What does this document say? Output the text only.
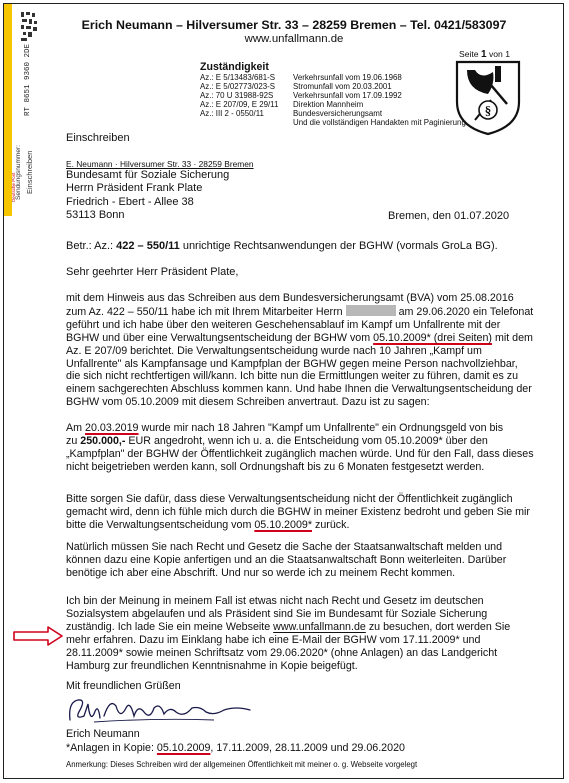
RT 8651 9360 2DE
Sendungsnummer: Einschreiben
Deutsche Post
Erich Neumann – Hilversumer Str. 33 – 28259 Bremen – Tel. 0421/583097
www.unfallmann.de
Seite 1 von 1
§
Zuständigkeit
Az.: E 5/13483/681-S Verkehrsunfall vom 19.06.1968
Az.: E 5/02773/023-S Stromunfall vom 20.03.2001
Az.: 70 U 31988-92S Verkehrsunfall vom 17.09.1992
Az.: E 207/09, E 29/11 Direktion Mannheim
Az.: III 2 - 0550/11	Bundesversicherungsamt
Und die vollständigen Handakten mit Paginierung
Einschreiben
E. Neumann · Hilversumer Str. 33 · 28259 Bremen
Bundesamt für Soziale Sicherung
Herrn Präsident Frank Plate
Friedrich - Ebert - Allee 38
53113 Bonn	Bremen, den 01.07.2020
Betr.: Az.: 422 – 550/11 unrichtige Rechtsanwendungen der BGHW (vormals GroLa BG).
Sehr geehrter Herr Präsident Plate,
mit dem Hinweis aus das Schreiben aus dem Bundesversicherungsamt (BVA) vom 25.08.2016
zum Az. 422 – 550/11 habe ich mit Ihrem Mitarbeiter Herrn	am 29.06.2020 ein Telefonat
geführt und ich habe über den weiteren Geschehensablauf im Kampf um Unfallrente mit der
BGHW und über eine Verwaltungsentscheidung der BGHW vom 05.10.2009* (drei Seiten) mit dem
Az. E 207/09 berichtet. Die Verwaltungsentscheidung wurde nach 10 Jahren „Kampf um
Unfallrente" als Kampfansage und Kampfplan der BGHW gegen meine Person nachvollziehbar,
die sich nicht rechtfertigen will/kann. Ich bitte nun die Ermittlungen weiter zu führen, damit es zu
einem sachgerechten Abschluss kommen kann. Und habe Ihnen die Verwaltungsentscheidung der
BGHW vom 05.10.2009 mit diesem Schreiben anvertraut. Dazu ist zu sagen:
Am 20.03.2019 wurde mir nach 18 Jahren "Kampf um Unfallrente" ein Ordnungsgeld von bis
zu 250.000,- EUR angedroht, wenn ich u. a. die Entscheidung vom 05.10.2009* über den
„Kampfplan" der BGHW der Öffentlichkeit zugänglich machen würde. Und für den Fall, dass dieses
nicht beigetrieben werden kann, soll Ordnungshaft bis zu 6 Monaten festgesetzt werden.
Bitte sorgen Sie dafür, dass diese Verwaltungsentscheidung nicht der Öffentlichkeit zugänglich
gemacht wird, denn ich fühle mich durch die BGHW in meiner Existenz bedroht und geben Sie mir
bitte die Verwaltungsentscheidung vom 05.10.2009* zurück.
Natürlich müssen Sie nach Recht und Gesetz die Sache der Staatsanwaltschaft melden und
können dazu eine Kopie anfertigen und an die Staatsanwaltschaft Bonn weiterleiten. Darüber
benötige ich aber eine Abschrift. Und nur so werde ich zu meinem Recht kommen.
Ich bin der Meinung in meinem Fall ist etwas nicht nach Recht und Gesetz im deutschen
Sozialsystem abgelaufen und als Präsident sind Sie im Bundesamt für Soziale Sicherung
zuständig. Ich lade Sie ein meine Webseite www.unfallmann.de zu besuchen, dort werden Sie
mehr erfahren. Dazu im Einklang habe ich eine E-Mail der BGHW vom 17.11.2009* und
28.11.2009* sowie meinen Schriftsatz vom 29.06.2020* (ohne Anlagen) an das Landgericht
Hamburg zur freundlichen Kenntnisnahme in Kopie beigefügt.
Mit freundlichen Grüßen
Erich Neumann
*Anlagen in Kopie: 05.10.2009, 17.11.2009, 28.11.2009 und 29.06.2020
Anmerkung: Dieses Schreiben wird der allgemeinen Öffentlichkeit mit meiner o. g. Webseite vorgelegt
